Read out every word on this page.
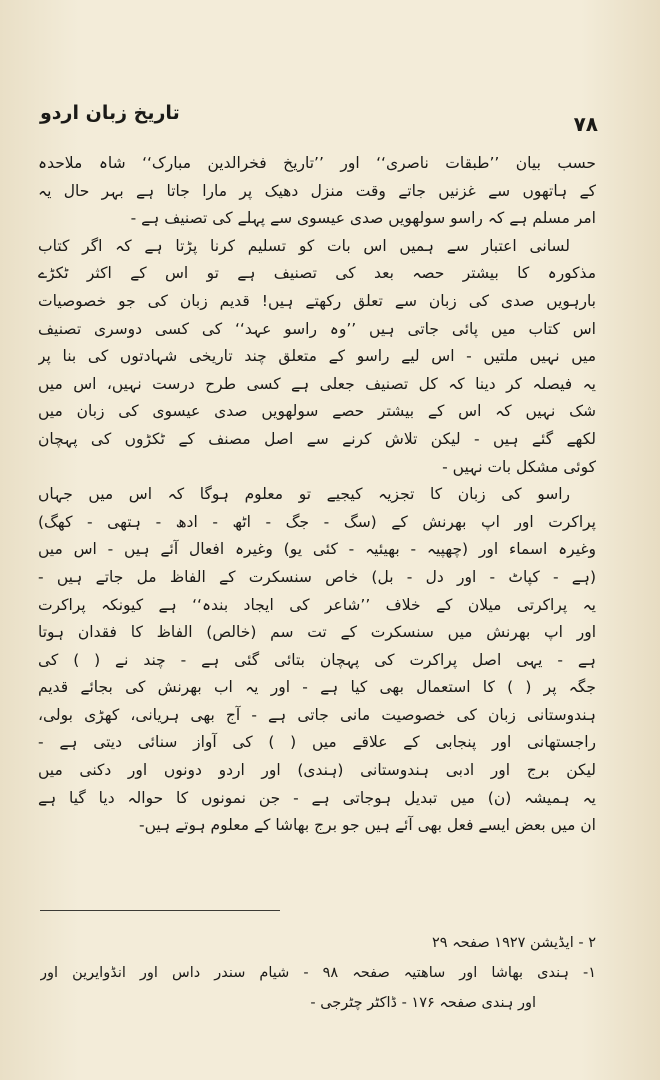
تاریخ زبان اردو	۷۸
حسب بیان ’’طبقات ناصری‘‘ اور ’’تاریخ فخرالدین مبارک‘‘ شاہ ملاحدہ
کے ہاتھوں سے غزنیں جاتے وقت منزل دھیک پر مارا جاتا ہے بہر حال یہ
امر مسلم ہے کہ راسو سولھویں صدی عیسوی سے پہلے کی تصنیف ہے -
لسانی اعتبار سے ہمیں اس بات کو تسلیم کرنا پڑتا ہے کہ اگر کتاب
مذکورہ کا بیشتر حصہ بعد کی تصنیف ہے تو اس کے اکثر ٹکڑے
بارہویں صدی کی زبان سے تعلق رکھتے ہیں! قدیم زبان کی جو خصوصیات
اس کتاب میں پائی جاتی ہیں ’’وہ راسو عہد‘‘ کی کسی دوسری تصنیف
میں نہیں ملتیں - اس لیے راسو کے متعلق چند تاریخی شہادتوں کی بنا پر
یہ فیصلہ کر دینا کہ کل تصنیف جعلی ہے کسی طرح درست نہیں، اس میں
شک نہیں کہ اس کے بیشتر حصے سولھویں صدی عیسوی کی زبان میں
لکھے گئے ہیں - لیکن تلاش کرنے سے اصل مصنف کے ٹکڑوں کی پہچان
کوئی مشکل بات نہیں -
راسو کی زبان کا تجزیہ کیجیے تو معلوم ہوگا کہ اس میں جہاں
پراکرت اور اپ بھرنش کے (سگ - جگ - اٹھ - ادھ - ہتھی - کھگ)
وغیرہ اسماء اور (چھپیہ - بھیئیہ - کئی یو) وغیرہ افعال آئے ہیں - اس میں
(ہے - کپاٹ - اور دل - بل) خاص سنسکرت کے الفاظ مل جاتے ہیں -
یہ پراکرتی میلان کے خلاف ’’شاعر کی ایجاد بندہ‘‘ ہے کیونکہ پراکرت
اور اپ بھرنش میں سنسکرت کے تت سم (خالص) الفاظ کا فقدان ہوتا
ہے - یہی اصل پراکرت کی پہچان بتائی گئی ہے - چند نے ( ) کی
جگہ پر ( ) کا استعمال بھی کیا ہے - اور یہ اب بھرنش کی بجائے قدیم
ہندوستانی زبان کی خصوصیت مانی جاتی ہے - آج بھی ہریانی، کھڑی بولی،
راجستھانی اور پنجابی کے علاقے میں ( ) کی آواز سنائی دیتی ہے -
لیکن برج اور ادبی ہندوستانی (ہندی) اور اردو دونوں اور دکنی میں
یہ ہمیشہ (ن) میں تبدیل ہوجاتی ہے - جن نمونوں کا حوالہ دیا گیا ہے
ان میں بعض ایسے فعل بھی آئے ہیں جو برج بھاشا کے معلوم ہوتے ہیں-
۲ - ایڈیشن ۱۹۲۷ صفحہ ۲۹
۱- ہندی بھاشا اور ساھتیہ صفحہ ۹۸ - شیام سندر داس اور انڈوایرین اور
اور ہندی صفحہ ۱۷۶ - ڈاکٹر چٹرجی -
